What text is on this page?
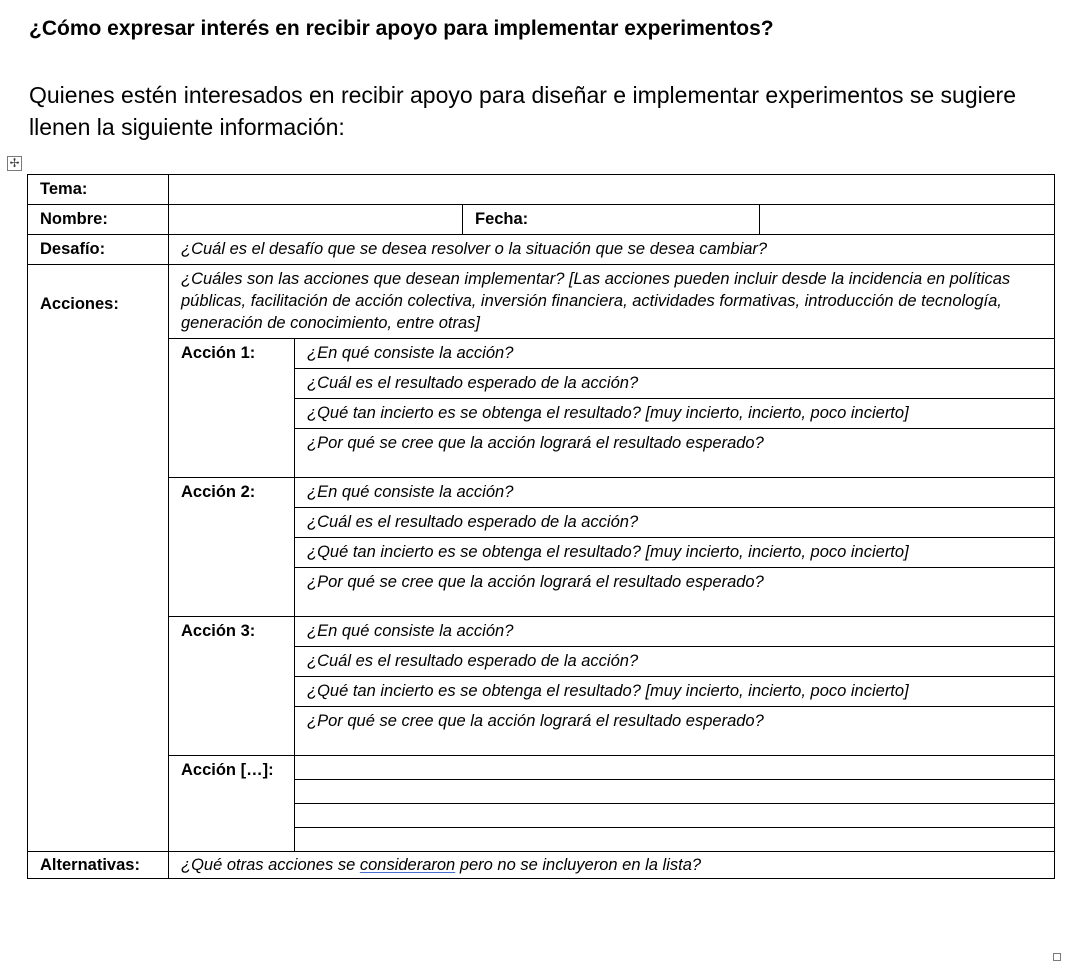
¿Cómo expresar interés en recibir apoyo para implementar experimentos?
Quienes estén interesados en recibir apoyo para diseñar e implementar experimentos se sugiere llenen la siguiente información:
✢
Tema:				
Nombre:			Fecha:	
Desafío:	¿Cuál es el desafío que se desea resolver o la situación que se desea cambiar?			
Acciones:	¿Cuáles son las acciones que desean implementar? [Las acciones pueden incluir desde la incidencia en políticas públicas, facilitación de acción colectiva, inversión financiera, actividades formativas, introducción de tecnología, generación de conocimiento, entre otras]			
	Acción 1:	¿En qué consiste la acción?		
		¿Cuál es el resultado esperado de la acción?		
		¿Qué tan incierto es se obtenga el resultado? [muy incierto, incierto, poco incierto]		
		¿Por qué se cree que la acción logrará el resultado esperado?		
	Acción 2:	¿En qué consiste la acción?		
		¿Cuál es el resultado esperado de la acción?		
		¿Qué tan incierto es se obtenga el resultado? [muy incierto, incierto, poco incierto]		
		¿Por qué se cree que la acción logrará el resultado esperado?		
	Acción 3:	¿En qué consiste la acción?		
		¿Cuál es el resultado esperado de la acción?		
		¿Qué tan incierto es se obtenga el resultado? [muy incierto, incierto, poco incierto]		
		¿Por qué se cree que la acción logrará el resultado esperado?		
	Acción […]:			

Alternativas:	¿Qué otras acciones se consideraron pero no se incluyeron en la lista?			
